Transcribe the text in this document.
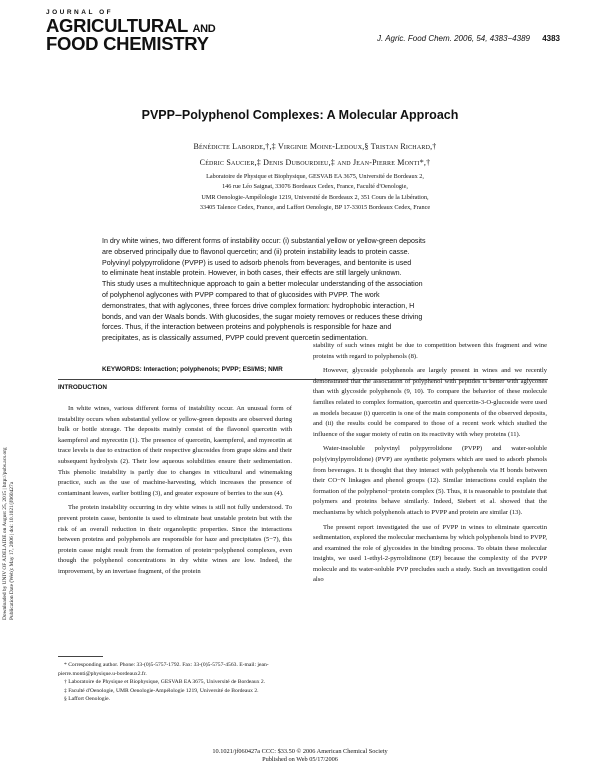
JOURNAL OF
AGRICULTURAL AND
FOOD CHEMISTRY	J. Agric. Food Chem. 2006, 54, 4383−4389 4383
PVPP–Polyphenol Complexes: A Molecular Approach
Bénédicte Laborde,†,‡ Virginie Moine-Ledoux,§ Tristan Richard,†
Cédric Saucier,‡ Denis Dubourdieu,‡ and Jean-Pierre Monti*,†
Laboratoire de Physique et Biophysique, GESVAB EA 3675, Université de Bordeaux 2,
146 rue Léo Saignat, 33076 Bordeaux Cedex, France, Faculté d'Oenologie,
UMR Oenologie-Ampélologie 1219, Université de Bordeaux 2, 351 Cours de la Libération,
33405 Talence Cedex, France, and Laffort Oenologie, BP 17-33015 Bordeaux Cedex, France
In dry white wines, two different forms of instability occur: (i) substantial yellow or yellow-green deposits
are observed principally due to flavonol quercetin; and (ii) protein instability leads to protein casse.
Polyvinyl polypyrrolidone (PVPP) is used to adsorb phenols from beverages, and bentonite is used
to eliminate heat instable protein. However, in both cases, their effects are still largely unknown.
This study uses a multitechnique approach to gain a better molecular understanding of the association
of polyphenol aglycones with PVPP compared to that of glucosides with PVPP. The work
demonstrates, that with aglycones, three forces drive complex formation: hydrophobic interaction, H
bonds, and van der Waals bonds. With glucosides, the sugar moiety removes or reduces these driving
forces. Thus, if the interaction between proteins and polyphenols is responsible for haze and
precipitates, as is classically assumed, PVPP could prevent quercetin sedimentation.
KEYWORDS: Interaction; polyphenols; PVPP; ESI/MS; NMR
Downloaded by UNIV OF ADELAIDE on August 25, 2015 | http://pubs.acs.org Publication Date (Web): May 17, 2006 | doi: 10.1021/jf060427a
INTRODUCTION

In white wines, various different forms of instability occur. An unusual form of instability occurs when substantial yellow or yellow-green deposits are observed during bulk or bottle storage. The deposits mainly consist of the flavonol quercetin with kaempferol and myrecetin (1). The presence of quercetin, kaempferol, and myrecetin at trace levels is due to extraction of their respective glucosides from grape skins and their subsequent hydrolysis (2). Their low aqueous solubilities ensure their sedimentation. This phenolic instability is partly due to changes in viticultural and winemaking practice, such as the use of machine-harvesting, which increases the presence of contaminant leaves, earlier bottling (3), and greater exposure of berries to the sun (4).

The protein instability occurring in dry white wines is still not fully understood. To prevent protein casse, bentonite is used to eliminate heat unstable protein but with the risk of an overall reduction in their organoleptic properties. Since the interactions between proteins and polyphenols are responsible for haze and precipitates (5−7), this protein casse might result from the formation of protein−polyphenol complexes, even though the polyphenol concentrations in dry white wines are low. Indeed, the improvement, by an invertase fragment, of the protein

stability of such wines might be due to competition between this fragment and wine proteins with regard to polyphenols (8).

However, glycoside polyphenols are largely present in wines and we recently demonstrated that the association of polyphenol with peptides is better with aglycones than with glycoside polyphenols (9, 10). To compare the behavior of these molecule families related to complex formation, quercetin and quercetin-3-O-glucoside were used as models because (i) quercetin is one of the main components of the observed deposits, and (ii) the results could be compared to those of a recent work which studied the influence of the sugar moiety of rutin on its reactivity with whey proteins (11).

Water-insoluble polyvinyl polypyrrolidone (PVPP) and water-soluble poly(vinylpyrrolidone) (PVP) are synthetic polymers which are used to adsorb phenols from beverages. It is thought that they interact with polyphenols via H bonds between their CO−N linkages and phenol groups (12). Similar interactions could explain the formation of the polyphenol−protein complex (5). Thus, it is reasonable to postulate that polymers and proteins behave similarly. Indeed, Siebert et al. showed that the mechanisms by which polyphenols attach to PVPP and protein are similar (13).

The present report investigated the use of PVPP in wines to eliminate quercetin sedimentation, explored the molecular mechanisms by which polyphenols bind to PVPP, and examined the role of glycosides in the binding process. To obtain these molecular insights, we used 1-ethyl-2-pyrrolidinone (EP) because the complexity of the PVPP molecule and its water-soluble PVP precludes such a study. Such an investigation could also

* Corresponding author. Phone: 33-(0)5-5757-1792. Fax: 33-(0)5-5757-4563. E-mail: jean-pierre.monti@physique.u-bordeaux2.fr.
† Laboratoire de Physique et Biophysique, GESVAB EA 3675, Université de Bordeaux 2.
‡ Faculté d'Oenologie, UMR Oenologie-Ampélologie 1219, Université de Bordeaux 2.
§ Laffort Oenologie.
10.1021/jf060427a CCC: $33.50 © 2006 American Chemical Society
Published on Web 05/17/2006
